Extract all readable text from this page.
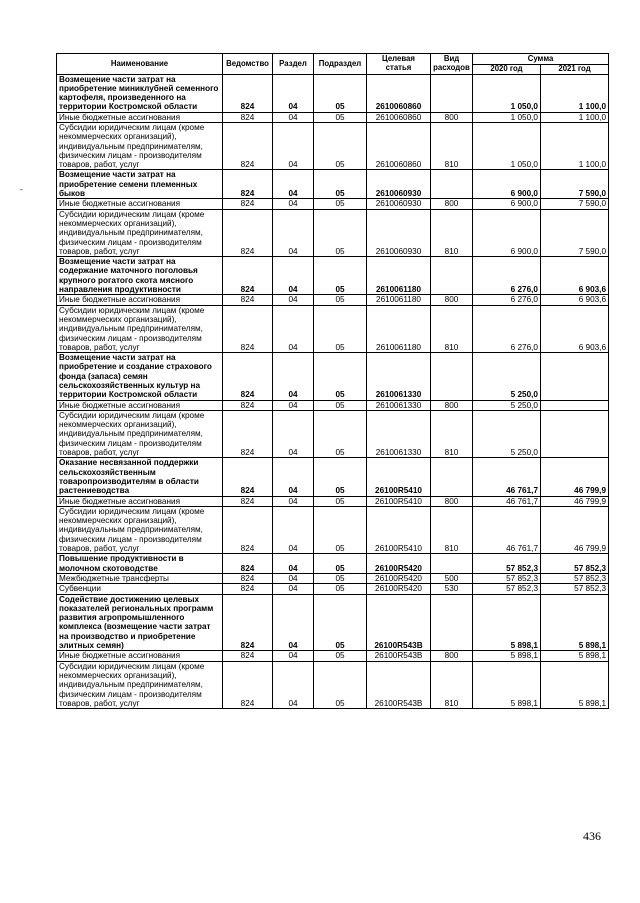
Наименование	Ведомство	Раздел	Подраздел	Целевая статья	Вид расходов	Сумма	
						2020 год	2021 год
Возмещение части затрат на приобретение миниклубней семенного картофеля, произведенного на территории Костромской области	824	04	05	2610060860		1 050,0	1 100,0
Иные бюджетные ассигнования	824	04	05	2610060860	800	1 050,0	1 100,0
Субсидии юридическим лицам (кроме некоммерческих организаций), индивидуальным предпринимателям, физическим лицам - производителям товаров, работ, услуг	824	04	05	2610060860	810	1 050,0	1 100,0
Возмещение части затрат на приобретение семени племенных быков	824	04	05	2610060930		6 900,0	7 590,0
Иные бюджетные ассигнования	824	04	05	2610060930	800	6 900,0	7 590,0
Субсидии юридическим лицам (кроме некоммерческих организаций), индивидуальным предпринимателям, физическим лицам - производителям товаров, работ, услуг	824	04	05	2610060930	810	6 900,0	7 590,0
Возмещение части затрат на содержание маточного поголовья крупного рогатого скота мясного направления продуктивности	824	04	05	2610061180		6 276,0	6 903,6
Иные бюджетные ассигнования	824	04	05	2610061180	800	6 276,0	6 903,6
Субсидии юридическим лицам (кроме некоммерческих организаций), индивидуальным предпринимателям, физическим лицам - производителям товаров, работ, услуг	824	04	05	2610061180	810	6 276,0	6 903,6
Возмещение части затрат на приобретение и создание страхового фонда (запаса) семян сельскохозяйственных культур на территории Костромской области	824	04	05	2610061330		5 250,0	
Иные бюджетные ассигнования	824	04	05	2610061330	800	5 250,0	
Субсидии юридическим лицам (кроме некоммерческих организаций), индивидуальным предпринимателям, физическим лицам - производителям товаров, работ, услуг	824	04	05	2610061330	810	5 250,0	
Оказание несвязанной поддержки сельскохозяйственным товаропроизводителям в области растениеводства	824	04	05	26100R5410		46 761,7	46 799,9
Иные бюджетные ассигнования	824	04	05	26100R5410	800	46 761,7	46 799,9
Субсидии юридическим лицам (кроме некоммерческих организаций), индивидуальным предпринимателям, физическим лицам - производителям товаров, работ, услуг	824	04	05	26100R5410	810	46 761,7	46 799,9
Повышение продуктивности в молочном скотоводстве	824	04	05	26100R5420		57 852,3	57 852,3
Межбюджетные трансферты	824	04	05	26100R5420	500	57 852,3	57 852,3
Субвенции	824	04	05	26100R5420	530	57 852,3	57 852,3
Содействие достижению целевых показателей региональных программ развития агропромышленного комплекса (возмещение части затрат на производство и приобретение элитных семян)	824	04	05	26100R543B		5 898,1	5 898,1
Иные бюджетные ассигнования	824	04	05	26100R543B	800	5 898,1	5 898,1
Субсидии юридическим лицам (кроме некоммерческих организаций), индивидуальным предпринимателям, физическим лицам - производителям товаров, работ, услуг	824	04	05	26100R543B	810	5 898,1	5 898,1
-
436
